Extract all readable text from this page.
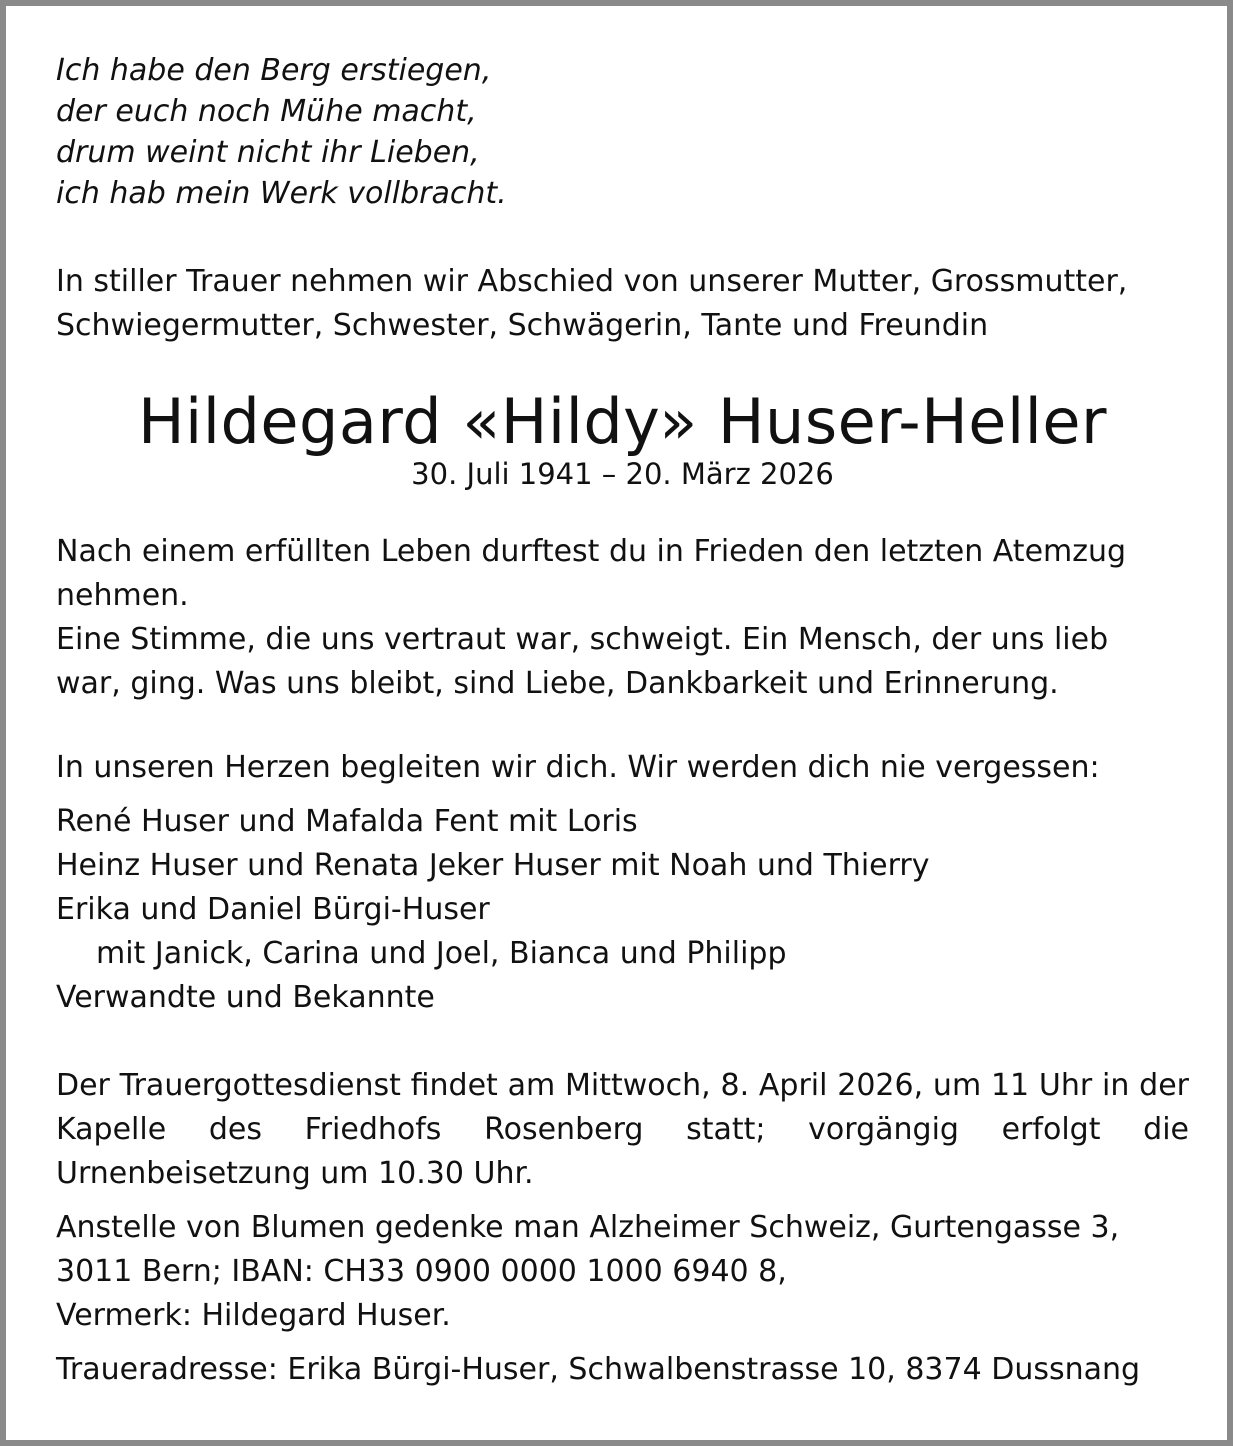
Ich habe den Berg erstiegen,
der euch noch Mühe macht,
drum weint nicht ihr Lieben,
ich hab mein Werk vollbracht.
In stiller Trauer nehmen wir Abschied von unserer Mutter, Grossmutter,
Schwiegermutter, Schwester, Schwägerin, Tante und Freundin
Hildegard «Hildy» Huser-Heller
30. Juli 1941 – 20. März 2026
Nach einem erfüllten Leben durftest du in Frieden den letzten Atemzug
nehmen.
Eine Stimme, die uns vertraut war, schweigt. Ein Mensch, der uns lieb
war, ging. Was uns bleibt, sind Liebe, Dankbarkeit und Erinnerung.
In unseren Herzen begleiten wir dich. Wir werden dich nie vergessen:
René Huser und Mafalda Fent mit Loris
Heinz Huser und Renata Jeker Huser mit Noah und Thierry
Erika und Daniel Bürgi-Huser
mit Janick, Carina und Joel, Bianca und Philipp
Verwandte und Bekannte
Der Trauergottesdienst findet am Mittwoch, 8. April 2026, um 11 Uhr in der Kapelle des Friedhofs Rosenberg statt; vorgängig erfolgt die Urnenbeisetzung um 10.30 Uhr.
Anstelle von Blumen gedenke man Alzheimer Schweiz, Gurtengasse 3,
3011 Bern; IBAN: CH33 0900 0000 1000 6940 8,
Vermerk: Hildegard Huser.
Traueradresse: Erika Bürgi-Huser, Schwalbenstrasse 10, 8374 Dussnang
